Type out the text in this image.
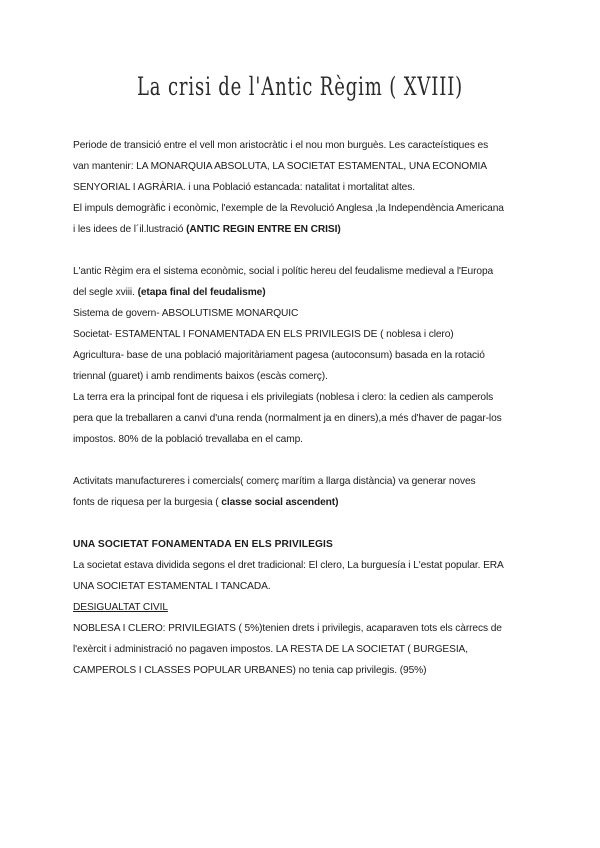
La crisi de l'Antic Règim ( XVIII)
Periode de transició entre el vell mon aristocràtic i el nou mon burguès. Les caracteístiques es
van mantenir: LA MONARQUIA ABSOLUTA, LA SOCIETAT ESTAMENTAL, UNA ECONOMIA
SENYORIAL I AGRÀRIA. i una Població estancada: natalitat i mortalitat altes.
El impuls demogràfic i econòmic, l'exemple de la Revolució Anglesa ,la Independència Americana
i les idees de l´il.lustració (ANTIC REGIN ENTRE EN CRISI)
L'antic Règim era el sistema econòmic, social i polític hereu del feudalisme medieval a l'Europa
del segle xviii. (etapa final del feudalisme)
Sistema de govern- ABSOLUTISME MONARQUIC
Societat- ESTAMENTAL I FONAMENTADA EN ELS PRIVILEGIS DE ( noblesa i clero)
Agricultura- base de una població majoritàriament pagesa (autoconsum) basada en la rotació
triennal (guaret) i amb rendiments baixos (escàs comerç).
La terra era la principal font de riquesa i els privilegiats (noblesa i clero: la cedien als camperols
pera que la treballaren a canvi d'una renda (normalment ja en diners),a més d'haver de pagar-los
impostos. 80% de la població trevallaba en el camp.
Activitats manufactureres i comercials( comerç marítim a llarga distància) va generar noves
fonts de riquesa per la burgesia ( classe social ascendent)
UNA SOCIETAT FONAMENTADA EN ELS PRIVILEGIS
La societat estava dividida segons el dret tradicional: El clero, La burguesía i L'estat popular. ERA
UNA SOCIETAT ESTAMENTAL I TANCADA.
DESIGUALTAT CIVIL
NOBLESA I CLERO: PRIVILEGIATS ( 5%)tenien drets i privilegis, acaparaven tots els càrrecs de
l'exèrcit i administració no pagaven impostos. LA RESTA DE LA SOCIETAT ( BURGESIA,
CAMPEROLS I CLASSES POPULAR URBANES) no tenia cap privilegis. (95%)
